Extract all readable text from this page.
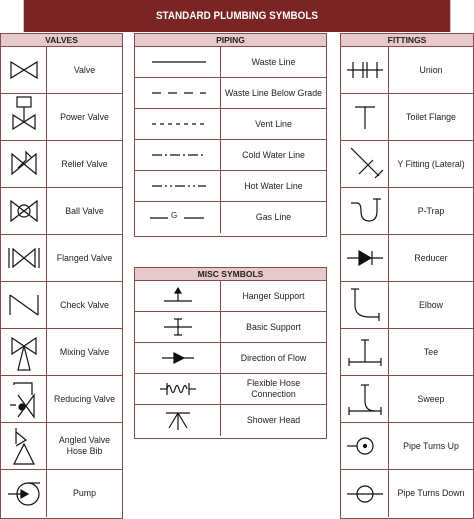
STANDARD PLUMBING SYMBOLS
VALVES
Valve
Power Valve
Relief Valve
Ball Valve
Flanged Valve
Check Valve
Mixing Valve
Reducing Valve
Angled Valve Hose Bib
Pump
PIPING
Waste Line
Waste Line Below Grade
Vent Line
Cold Water Line
Hot Water Line
G	Gas Line
MISC SYMBOLS
Hanger Support
Basic Support
Direction of Flow
Flexible Hose Connection
Shower Head
FITTINGS
Union
Toilet Flange
Y Fitting (Lateral)
P-Trap
Reducer
Elbow
Tee
Sweep
Pipe Turns Up
Pipe Turns Down
